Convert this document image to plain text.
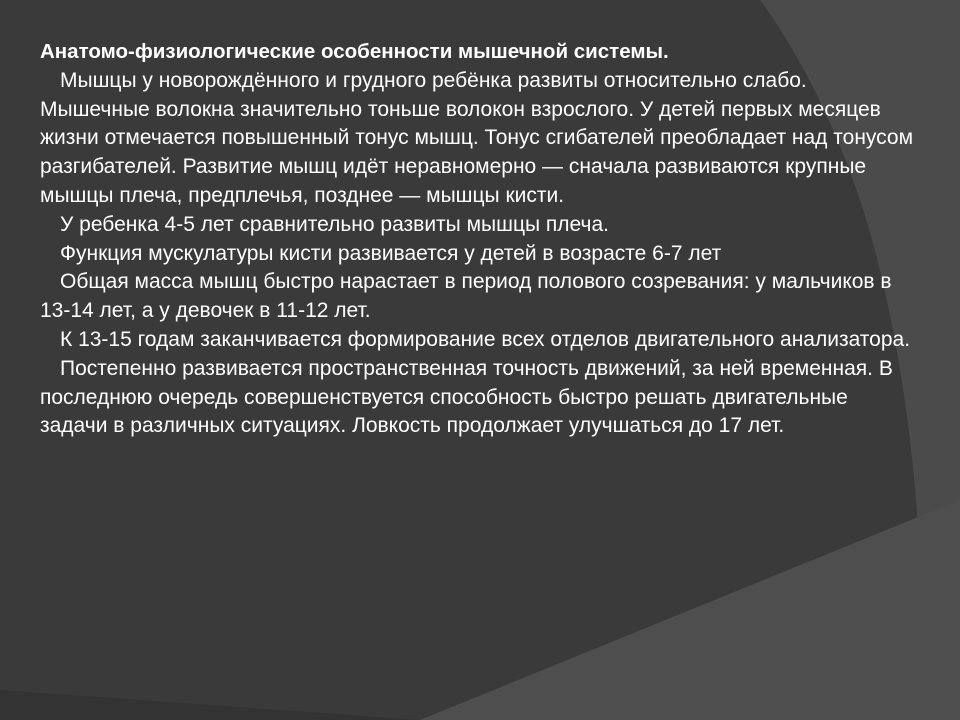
Анатомо-физиологические особенности мышечной системы.

Мышцы у новорождённого и грудного ребёнка развиты относительно слабо. Мышечные волокна значительно тоньше волокон взрослого. У детей первых месяцев жизни отмечается повышенный тонус мышц. Тонус сгибателей преобладает над тонусом разгибателей. Развитие мышц идёт неравномерно — сначала развиваются крупные мышцы плеча, предплечья, позднее — мышцы кисти.

У ребенка 4-5 лет сравнительно развиты мышцы плеча.

Функция мускулатуры кисти развивается у детей в возрасте 6-7 лет

Общая масса мышц быстро нарастает в период полового созревания: у мальчиков в 13-14 лет, а у девочек в 11-12 лет.

К 13-15 годам заканчивается формирование всех отделов двигательного анализатора.

Постепенно развивается пространственная точность движений, за ней временная. В последнюю очередь совершенствуется способность быстро решать двигательные задачи в различных ситуациях. Ловкость продолжает улучшаться до 17 лет.
